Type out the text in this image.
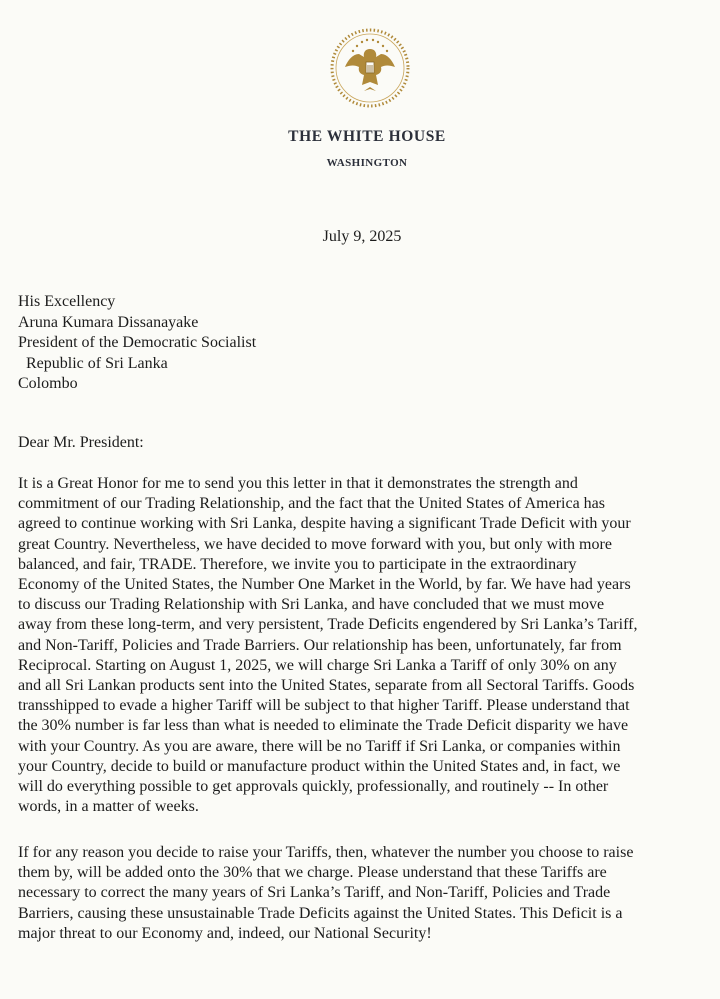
THE WHITE HOUSE
WASHINGTON
July 9, 2025
His Excellency
Aruna Kumara Dissanayake
President of the Democratic Socialist
Republic of Sri Lanka
Colombo
Dear Mr. President:
It is a Great Honor for me to send you this letter in that it demonstrates the strength and
commitment of our Trading Relationship, and the fact that the United States of America has
agreed to continue working with Sri Lanka, despite having a significant Trade Deficit with your
great Country. Nevertheless, we have decided to move forward with you, but only with more
balanced, and fair, TRADE. Therefore, we invite you to participate in the extraordinary
Economy of the United States, the Number One Market in the World, by far. We have had years
to discuss our Trading Relationship with Sri Lanka, and have concluded that we must move
away from these long-term, and very persistent, Trade Deficits engendered by Sri Lanka’s Tariff,
and Non-Tariff, Policies and Trade Barriers. Our relationship has been, unfortunately, far from
Reciprocal. Starting on August 1, 2025, we will charge Sri Lanka a Tariff of only 30% on any
and all Sri Lankan products sent into the United States, separate from all Sectoral Tariffs. Goods
transshipped to evade a higher Tariff will be subject to that higher Tariff. Please understand that
the 30% number is far less than what is needed to eliminate the Trade Deficit disparity we have
with your Country. As you are aware, there will be no Tariff if Sri Lanka, or companies within
your Country, decide to build or manufacture product within the United States and, in fact, we
will do everything possible to get approvals quickly, professionally, and routinely -- In other
words, in a matter of weeks.
If for any reason you decide to raise your Tariffs, then, whatever the number you choose to raise
them by, will be added onto the 30% that we charge. Please understand that these Tariffs are
necessary to correct the many years of Sri Lanka’s Tariff, and Non-Tariff, Policies and Trade
Barriers, causing these unsustainable Trade Deficits against the United States. This Deficit is a
major threat to our Economy and, indeed, our National Security!
